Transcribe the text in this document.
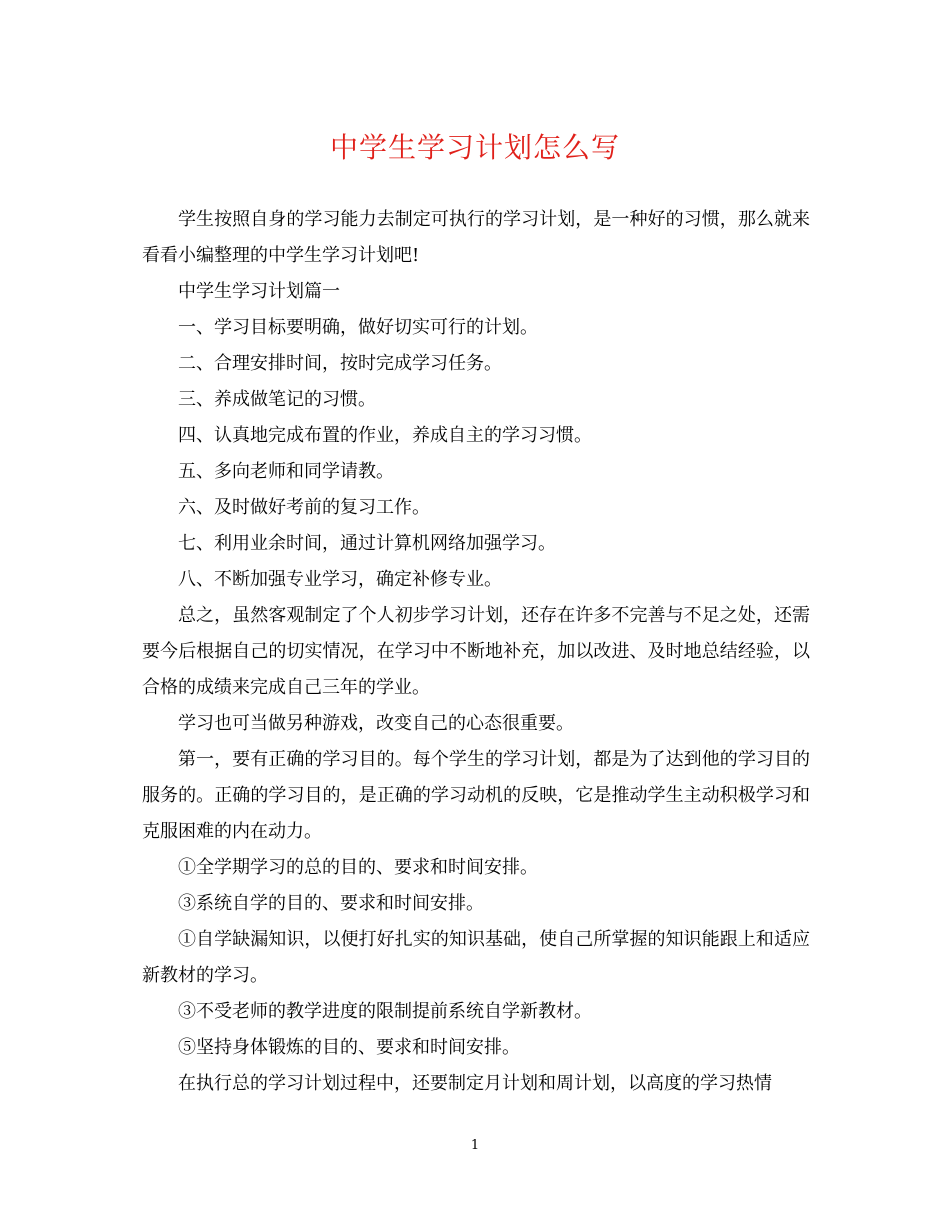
中学生学习计划怎么写

学生按照自身的学习能力去制定可执行的学习计划，是一种好的习惯，那么就来看看小编整理的中学生学习计划吧!

中学生学习计划篇一

一、学习目标要明确，做好切实可行的计划。

二、合理安排时间，按时完成学习任务。

三、养成做笔记的习惯。

四、认真地完成布置的作业，养成自主的学习习惯。

五、多向老师和同学请教。

六、及时做好考前的复习工作。

七、利用业余时间，通过计算机网络加强学习。

八、不断加强专业学习，确定补修专业。

总之，虽然客观制定了个人初步学习计划，还存在许多不完善与不足之处，还需要今后根据自己的切实情况，在学习中不断地补充，加以改进、及时地总结经验，以合格的成绩来完成自己三年的学业。

学习也可当做另种游戏，改变自己的心态很重要。

第一，要有正确的学习目的。每个学生的学习计划，都是为了达到他的学习目的服务的。正确的学习目的，是正确的学习动机的反映，它是推动学生主动积极学习和克服困难的内在动力。

①全学期学习的总的目的、要求和时间安排。

③系统自学的目的、要求和时间安排。

①自学缺漏知识，以便打好扎实的知识基础，使自己所掌握的知识能跟上和适应新教材的学习。

③不受老师的教学进度的限制提前系统自学新教材。

⑤坚持身体锻炼的目的、要求和时间安排。

在执行总的学习计划过程中，还要制定月计划和周计划，以高度的学习热情

1
